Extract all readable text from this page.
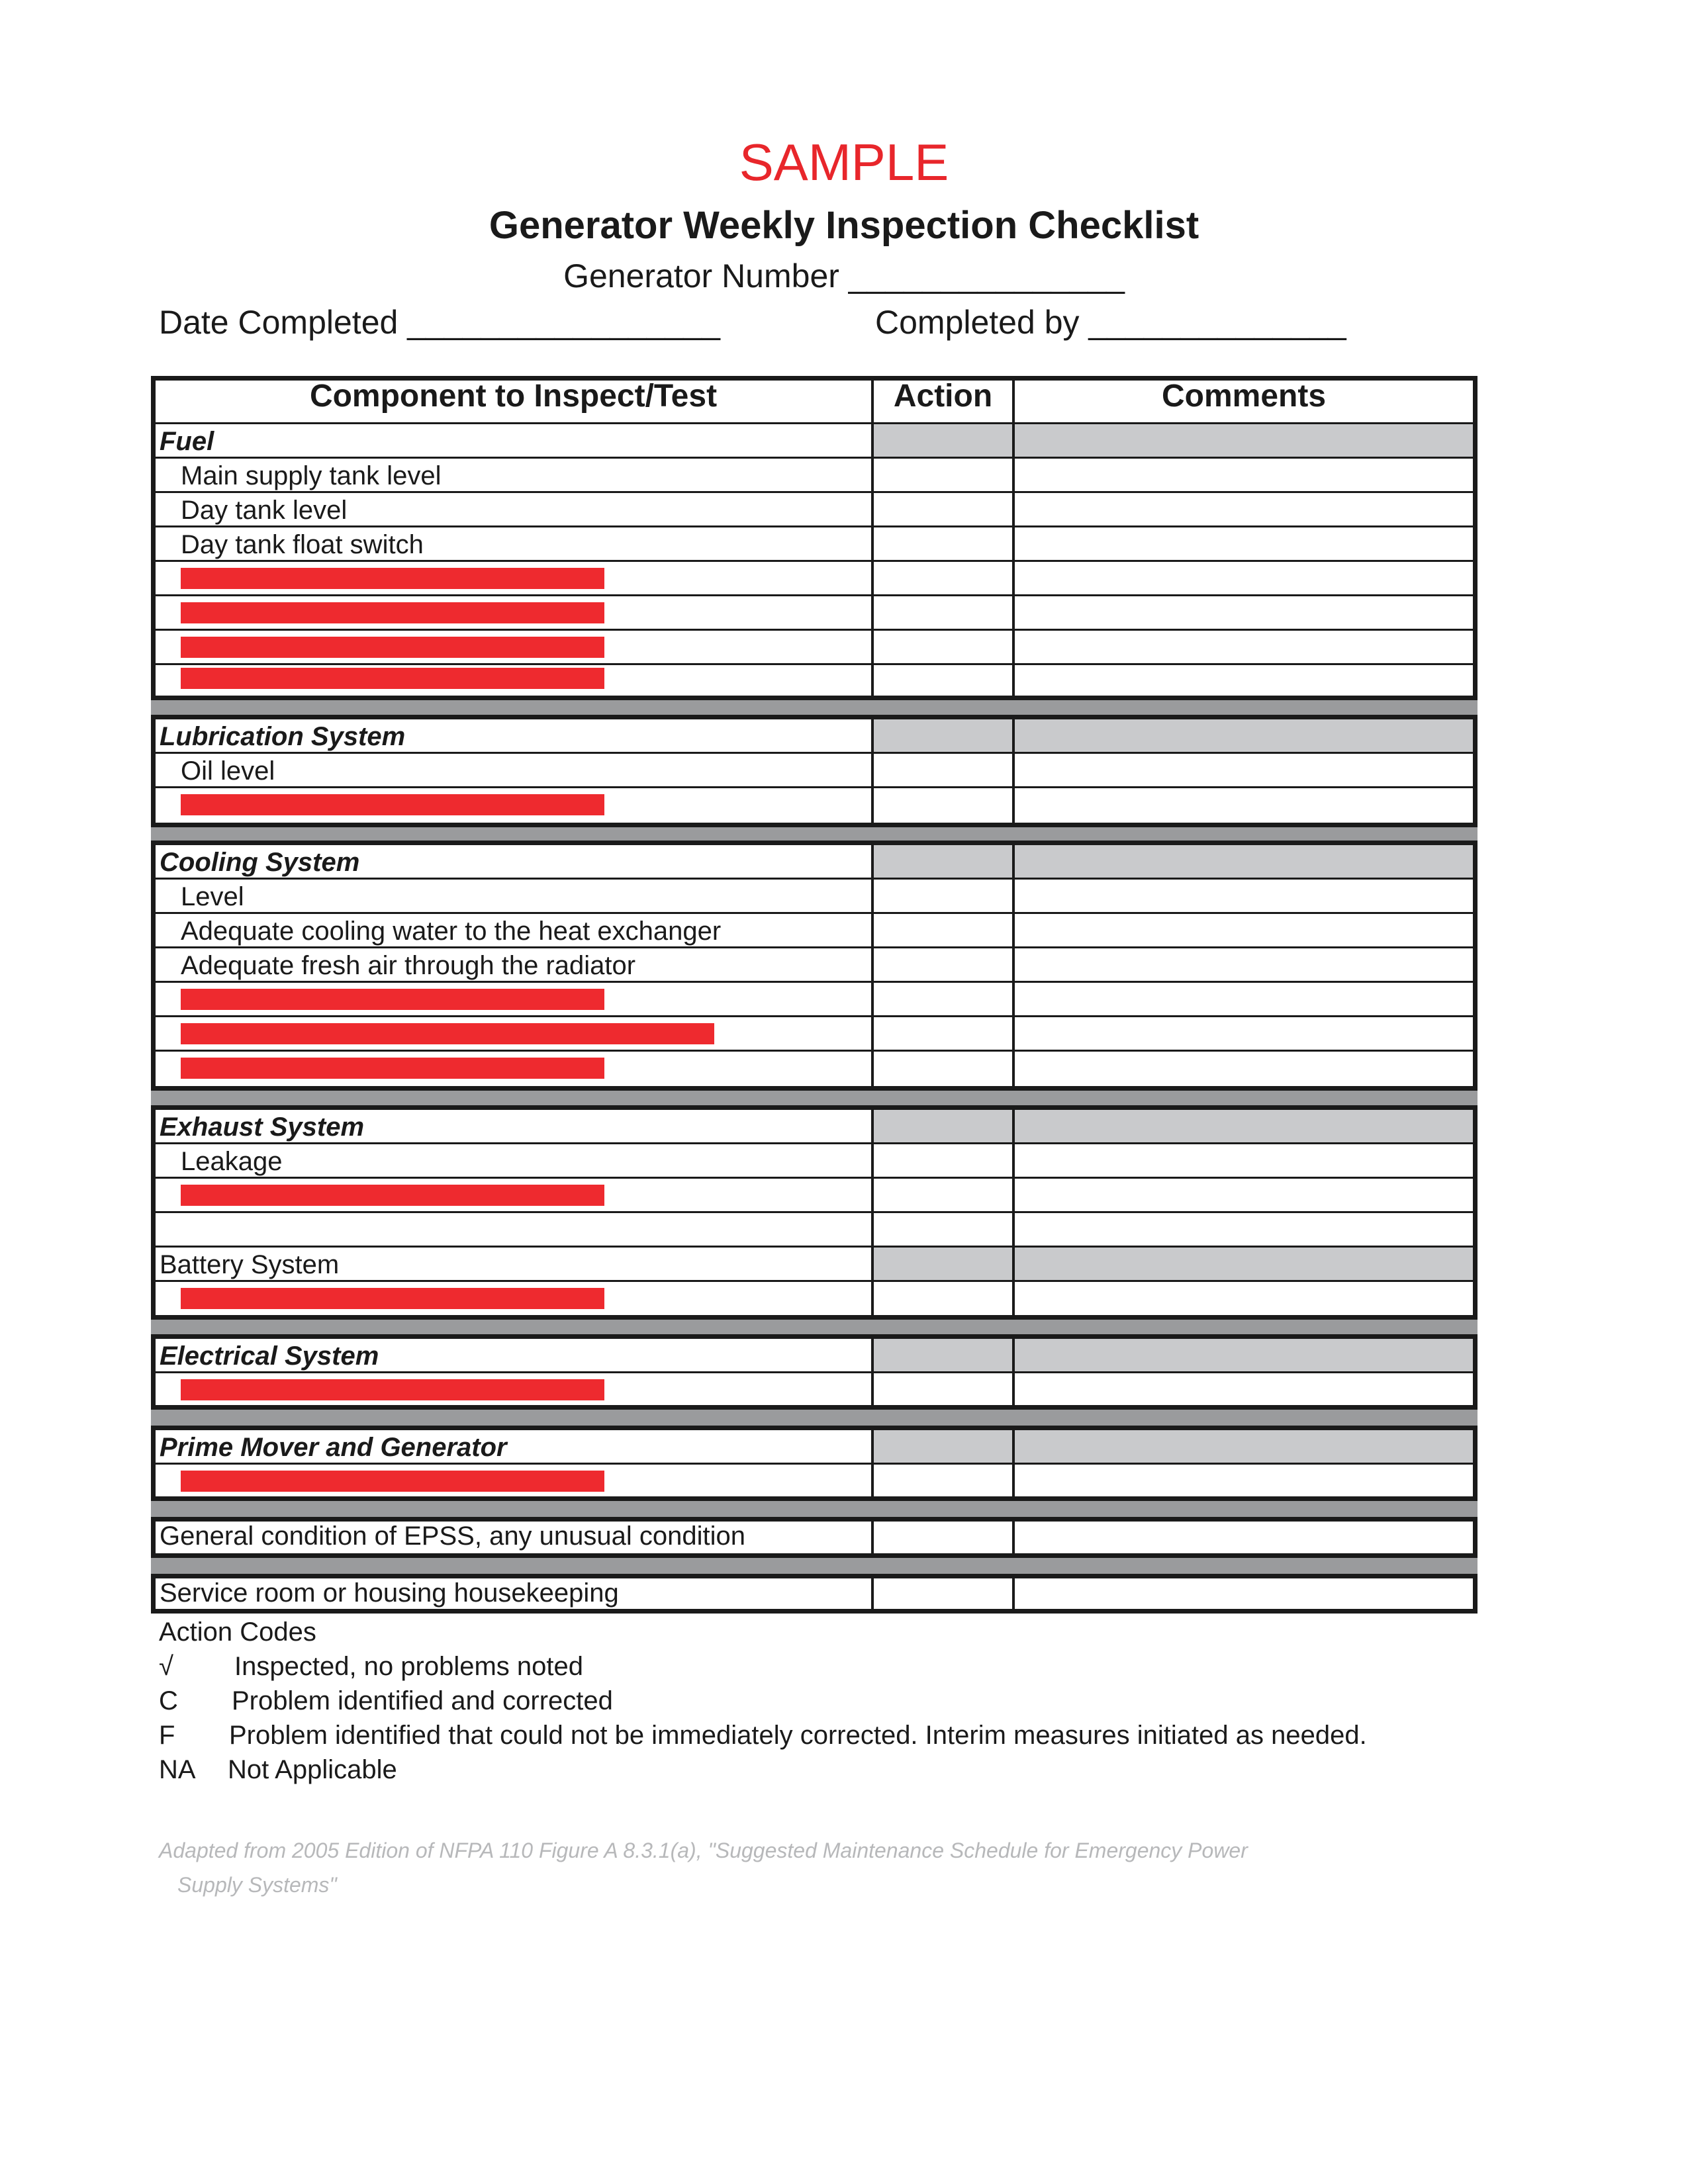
SAMPLE
Generator Weekly Inspection Checklist
Generator Number _______________
Date Completed _________________	Completed by ______________
Component to Inspect/Test	Action	Comments
Fuel
Main supply tank level
Day tank level
Day tank float switch
Lubrication System
Oil level
Cooling System
Level
Adequate cooling water to the heat exchanger
Adequate fresh air through the radiator
Exhaust System
Leakage
Battery System
Electrical System
Prime Mover and Generator
General condition of EPSS, any unusual condition
Service room or housing housekeeping
Action Codes
√ Inspected, no problems noted
C Problem identified and corrected
F Problem identified that could not be immediately corrected. Interim measures initiated as needed.
NA Not Applicable
Adapted from 2005 Edition of NFPA 110 Figure A 8.3.1(a), "Suggested Maintenance Schedule for Emergency Power
Supply Systems"
